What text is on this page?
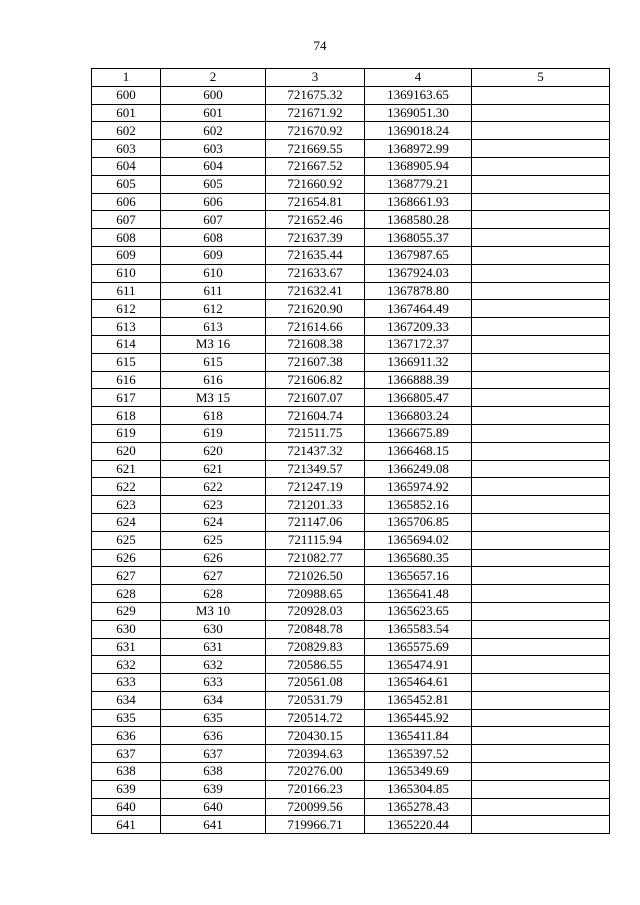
74
1	2	3	4	5
600	600	721675.32	1369163.65	
601	601	721671.92	1369051.30	
602	602	721670.92	1369018.24	
603	603	721669.55	1368972.99	
604	604	721667.52	1368905.94	
605	605	721660.92	1368779.21	
606	606	721654.81	1368661.93	
607	607	721652.46	1368580.28	
608	608	721637.39	1368055.37	
609	609	721635.44	1367987.65	
610	610	721633.67	1367924.03	
611	611	721632.41	1367878.80	
612	612	721620.90	1367464.49	
613	613	721614.66	1367209.33	
614	МЗ 16	721608.38	1367172.37	
615	615	721607.38	1366911.32	
616	616	721606.82	1366888.39	
617	МЗ 15	721607.07	1366805.47	
618	618	721604.74	1366803.24	
619	619	721511.75	1366675.89	
620	620	721437.32	1366468.15	
621	621	721349.57	1366249.08	
622	622	721247.19	1365974.92	
623	623	721201.33	1365852.16	
624	624	721147.06	1365706.85	
625	625	721115.94	1365694.02	
626	626	721082.77	1365680.35	
627	627	721026.50	1365657.16	
628	628	720988.65	1365641.48	
629	МЗ 10	720928.03	1365623.65	
630	630	720848.78	1365583.54	
631	631	720829.83	1365575.69	
632	632	720586.55	1365474.91	
633	633	720561.08	1365464.61	
634	634	720531.79	1365452.81	
635	635	720514.72	1365445.92	
636	636	720430.15	1365411.84	
637	637	720394.63	1365397.52	
638	638	720276.00	1365349.69	
639	639	720166.23	1365304.85	
640	640	720099.56	1365278.43	
641	641	719966.71	1365220.44	
